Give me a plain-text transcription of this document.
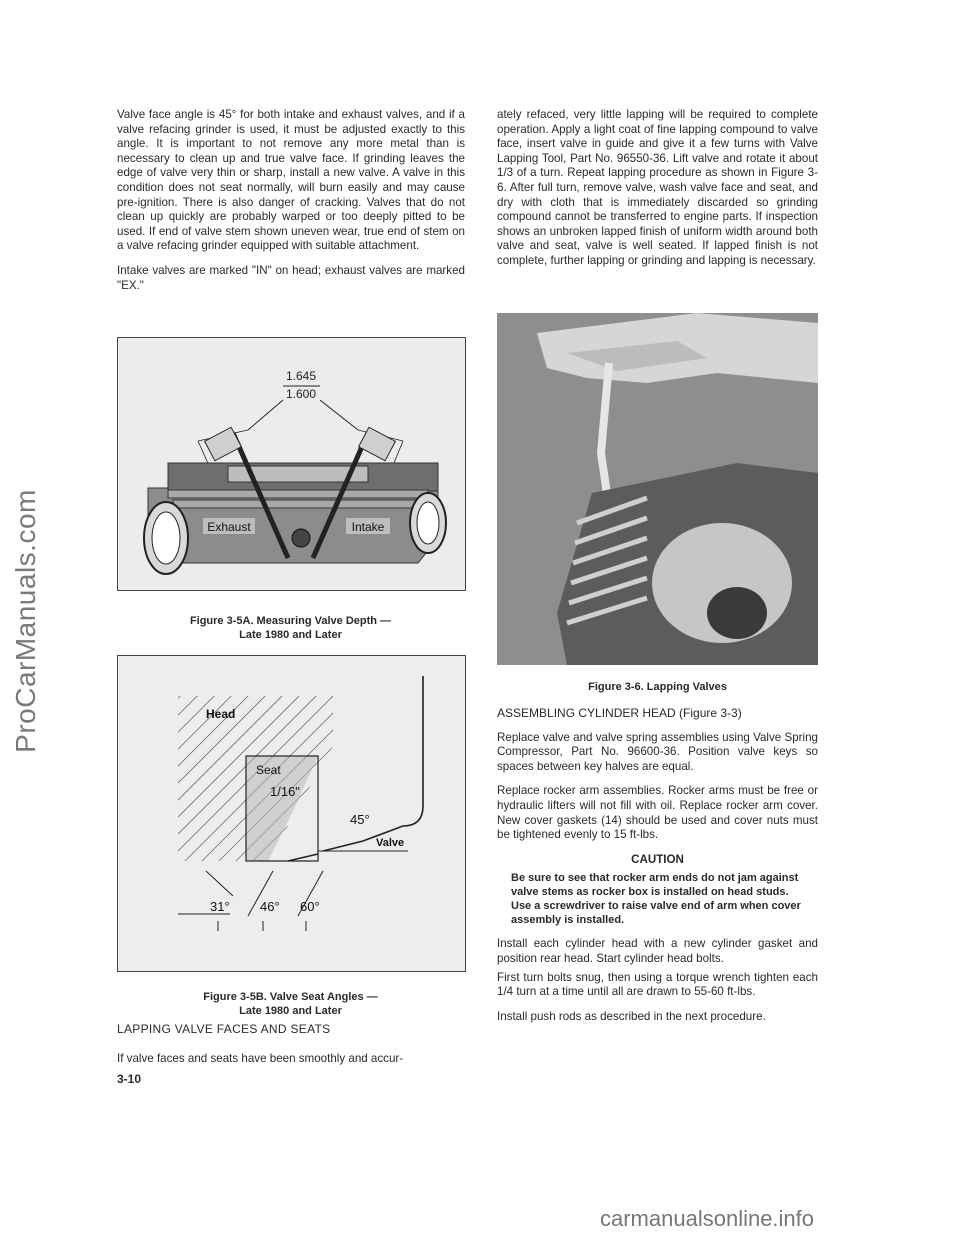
ProCarManuals.com

Valve face angle is 45° for both intake and exhaust valves, and if a valve refacing grinder is used, it must be adjusted exactly to this angle. It is important to not remove any more metal than is necessary to clean up and true valve face. If grinding leaves the edge of valve very thin or sharp, install a new valve. A valve in this condition does not seat normally, will burn easily and may cause pre-ignition. There is also danger of cracking. Valves that do not clean up quickly are probably warped or too deeply pitted to be used. If end of valve stem shown uneven wear, true end of stem on a valve refacing grinder equipped with suitable attachment.

Intake valves are marked "IN" on head; exhaust valves are marked "EX."

1.645
1.600
Exhaust	Intake
Figure 3-5A. Measuring Valve Depth —
Late 1980 and Later
Head
Seat
1/16"
45°
Valve
31° 46° 60°
Figure 3-5B. Valve Seat Angles —
Late 1980 and Later
LAPPING VALVE FACES AND SEATS
If valve faces and seats have been smoothly and accur-
3-10

ately refaced, very little lapping will be required to complete operation. Apply a light coat of fine lapping compound to valve face, insert valve in guide and give it a few turns with Valve Lapping Tool, Part No. 96550-36. Lift valve and rotate it about 1/3 of a turn. Repeat lapping procedure as shown in Figure 3-6. After full turn, remove valve, wash valve face and seat, and dry with cloth that is immediately discarded so grinding compound cannot be transferred to engine parts. If inspection shows an unbroken lapped finish of uniform width around both valve and seat, valve is well seated. If lapped finish is not complete, further lapping or grinding and lapping is necessary.

Figure 3-6. Lapping Valves

ASSEMBLING CYLINDER HEAD (Figure 3-3)

Replace valve and valve spring assemblies using Valve Spring Compressor, Part No. 96600-36. Position valve keys so spaces between key halves are equal.

Replace rocker arm assemblies. Rocker arms must be free or hydraulic lifters will not fill with oil. Replace rocker arm cover. New cover gaskets (14) should be used and cover nuts must be tightened evenly to 15 ft-lbs.

CAUTION
Be sure to see that rocker arm ends do not jam against valve stems as rocker box is installed on head studs. Use a screwdriver to raise valve end of arm when cover assembly is installed.

Install each cylinder head with a new cylinder gasket and position rear head. Start cylinder head bolts.

First turn bolts snug, then using a torque wrench tighten each 1/4 turn at a time until all are drawn to 55-60 ft-lbs.

Install push rods as described in the next procedure.

carmanualsonline.info
